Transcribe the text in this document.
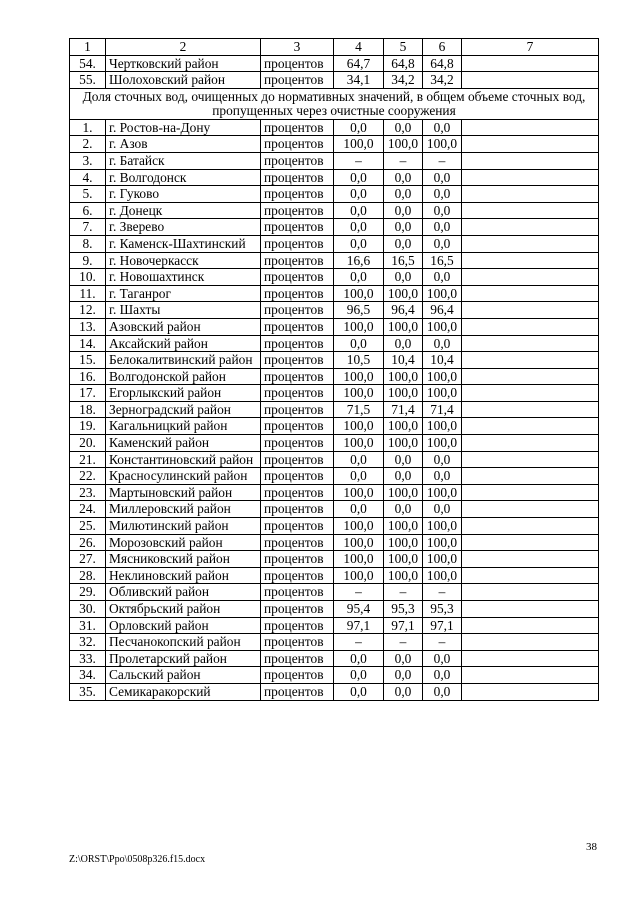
1	2	3	4	5	6	7
54.	Чертковский район	процентов	64,7	64,8	64,8	
55.	Шолоховский район	процентов	34,1	34,2	34,2	
Доля сточных вод, очищенных до нормативных значений, в общем объеме сточных вод, пропущенных через очистные сооружения						
1.	г. Ростов-на-Дону	процентов	0,0	0,0	0,0	
2.	г. Азов	процентов	100,0	100,0	100,0	
3.	г. Батайск	процентов	–	–	–	
4.	г. Волгодонск	процентов	0,0	0,0	0,0	
5.	г. Гуково	процентов	0,0	0,0	0,0	
6.	г. Донецк	процентов	0,0	0,0	0,0	
7.	г. Зверево	процентов	0,0	0,0	0,0	
8.	г. Каменск-Шахтинский	процентов	0,0	0,0	0,0	
9.	г. Новочеркасск	процентов	16,6	16,5	16,5	
10.	г. Новошахтинск	процентов	0,0	0,0	0,0	
11.	г. Таганрог	процентов	100,0	100,0	100,0	
12.	г. Шахты	процентов	96,5	96,4	96,4	
13.	Азовский район	процентов	100,0	100,0	100,0	
14.	Аксайский район	процентов	0,0	0,0	0,0	
15.	Белокалитвинский район	процентов	10,5	10,4	10,4	
16.	Волгодонской район	процентов	100,0	100,0	100,0	
17.	Егорлыкский район	процентов	100,0	100,0	100,0	
18.	Зерноградский район	процентов	71,5	71,4	71,4	
19.	Кагальницкий район	процентов	100,0	100,0	100,0	
20.	Каменский район	процентов	100,0	100,0	100,0	
21.	Константиновский район	процентов	0,0	0,0	0,0	
22.	Красносулинский район	процентов	0,0	0,0	0,0	
23.	Мартыновский район	процентов	100,0	100,0	100,0	
24.	Миллеровский район	процентов	0,0	0,0	0,0	
25.	Милютинский район	процентов	100,0	100,0	100,0	
26.	Морозовский район	процентов	100,0	100,0	100,0	
27.	Мясниковский район	процентов	100,0	100,0	100,0	
28.	Неклиновский район	процентов	100,0	100,0	100,0	
29.	Обливский район	процентов	–	–	–	
30.	Октябрьский район	процентов	95,4	95,3	95,3	
31.	Орловский район	процентов	97,1	97,1	97,1	
32.	Песчанокопский район	процентов	–	–	–	
33.	Пролетарский район	процентов	0,0	0,0	0,0	
34.	Сальский район	процентов	0,0	0,0	0,0	
35.	Семикаракорский	процентов	0,0	0,0	0,0	
38
Z:\ORST\Ppo\0508p326.f15.docx
